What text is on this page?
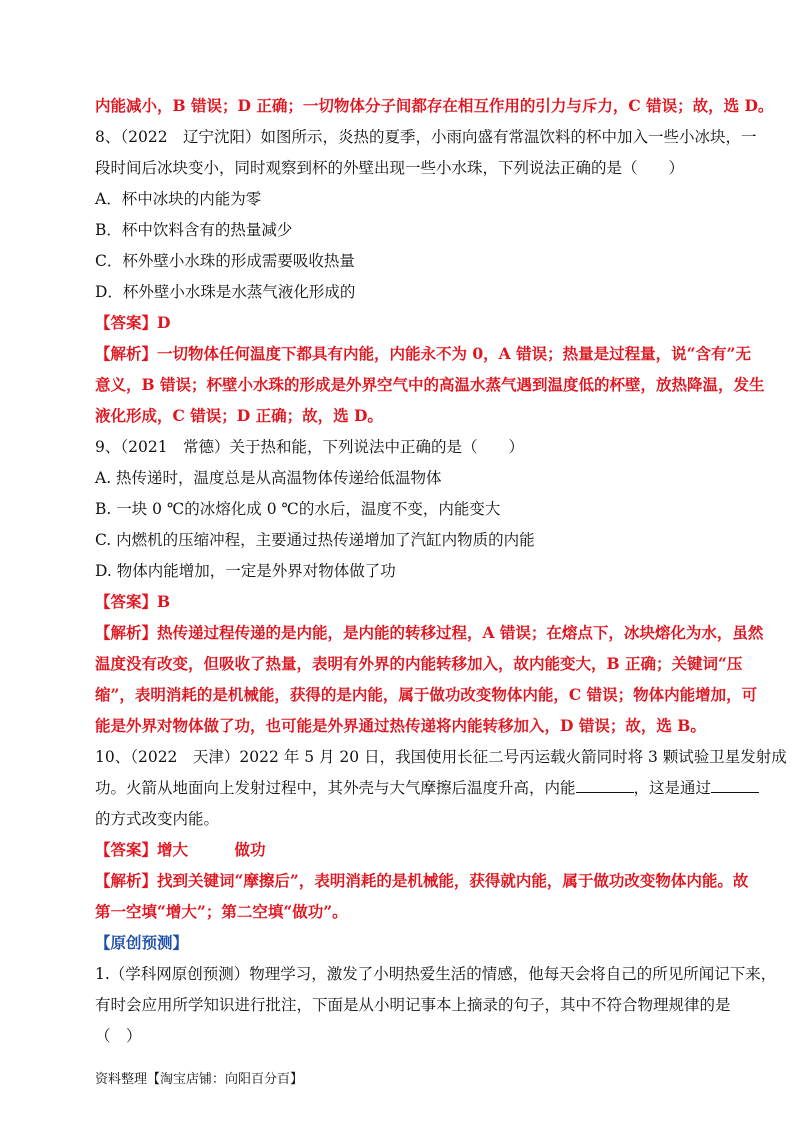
内能减小，B 错误；D 正确；一切物体分子间都存在相互作用的引力与斥力，C 错误；故，选 D。
8、（2022　辽宁沈阳）如图所示，炎热的夏季，小雨向盛有常温饮料的杯中加入一些小冰块，一
段时间后冰块变小，同时观察到杯的外壁出现一些小水珠，下列说法正确的是（　　）
A．杯中冰块的内能为零
B．杯中饮料含有的热量减少
C．杯外壁小水珠的形成需要吸收热量
D．杯外壁小水珠是水蒸气液化形成的
【答案】D
【解析】一切物体任何温度下都具有内能，内能永不为 0，A 错误；热量是过程量，说“含有”无
意义，B 错误；杯壁小水珠的形成是外界空气中的高温水蒸气遇到温度低的杯壁，放热降温，发生
液化形成，C 错误；D 正确；故，选 D。
9、（2021　常德）关于热和能，下列说法中正确的是（　　）
A. 热传递时，温度总是从高温物体传递给低温物体
B. 一块 0 ℃的冰熔化成 0 ℃的水后，温度不变，内能变大
C. 内燃机的压缩冲程，主要通过热传递增加了汽缸内物质的内能
D. 物体内能增加，一定是外界对物体做了功
【答案】B
【解析】热传递过程传递的是内能，是内能的转移过程，A 错误；在熔点下，冰块熔化为水，虽然
温度没有改变，但吸收了热量，表明有外界的内能转移加入，故内能变大，B 正确；关键词“压
缩”，表明消耗的是机械能，获得的是内能，属于做功改变物体内能，C 错误；物体内能增加，可
能是外界对物体做了功，也可能是外界通过热传递将内能转移加入，D 错误；故，选 B。
10、（2022　天津）2022 年 5 月 20 日，我国使用长征二号丙运载火箭同时将 3 颗试验卫星发射成
功。火箭从地面向上发射过程中，其外壳与大气摩擦后温度升高，内能	，这是通过
的方式改变内能。
【答案】增大　　　做功
【解析】找到关键词“摩擦后”，表明消耗的是机械能，获得就内能，属于做功改变物体内能。故
第一空填“增大”；第二空填“做功”。
【原创预测】
1.（学科网原创预测）物理学习，激发了小明热爱生活的情感，他每天会将自己的所见所闻记下来，
有时会应用所学知识进行批注，下面是从小明记事本上摘录的句子，其中不符合物理规律的是
（　）
资料整理【淘宝店铺：向阳百分百】
